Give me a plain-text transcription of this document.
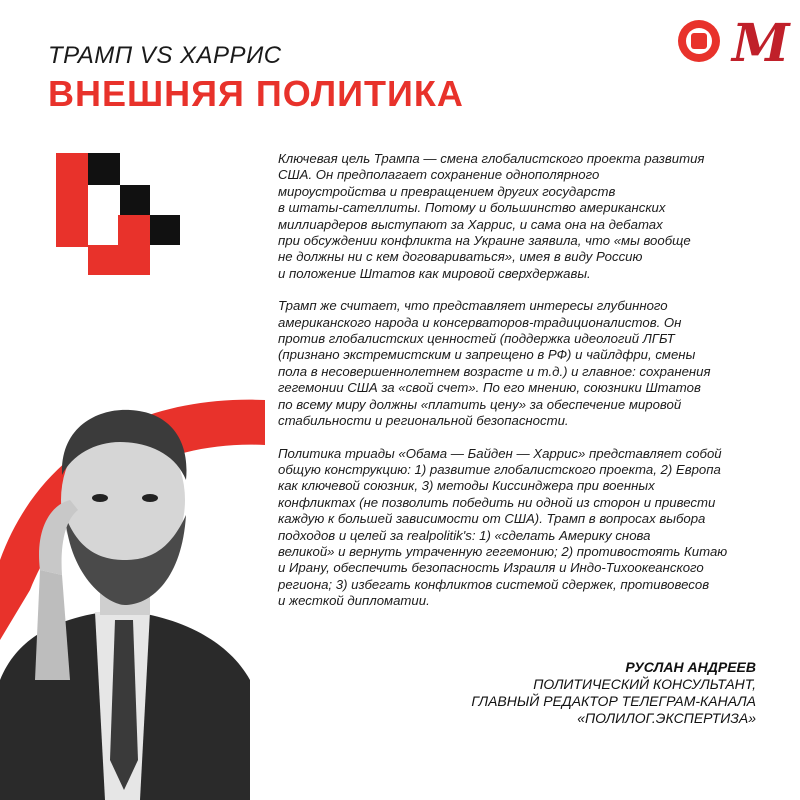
ТРАМП VS ХАРРИС
ВНЕШНЯЯ ПОЛИТИКА
М

Ключевая цель Трампа — смена глобалистского проекта развития
США. Он предполагает сохранение однополярного
мироустройства и превращением других государств
в штаты-сателлиты. Потому и большинство американских
миллиардеров выступают за Харрис, и сама она на дебатах
при обсуждении конфликта на Украине заявила, что «мы вообще
не должны ни с кем договариваться», имея в виду Россию
и положение Штатов как мировой сверхдержавы.

Трамп же считает, что представляет интересы глубинного
американского народа и консерваторов-традиционалистов. Он
против глобалистских ценностей (поддержка идеологий ЛГБТ
(признано экстремистским и запрещено в РФ) и чайлдфри, смены
пола в несовершеннолетнем возрасте и т.д.) и главное: сохранения
гегемонии США за «свой счет». По его мнению, союзники Штатов
по всему миру должны «платить цену» за обеспечение мировой
стабильности и региональной безопасности.

Политика триады «Обама — Байден — Харрис» представляет собой
общую конструкцию: 1) развитие глобалистского проекта, 2) Европа
как ключевой союзник, 3) методы Киссинджера при военных
конфликтах (не позволить победить ни одной из сторон и привести
каждую к большей зависимости от США). Трамп в вопросах выбора
подходов и целей за realpolitik's: 1) «сделать Америку снова
великой» и вернуть утраченную гегемонию; 2) противостоять Китаю
и Ирану, обеспечить безопасность Израиля и Индо-Тихоокеанского
региона; 3) избегать конфликтов системой сдержек, противовесов
и жесткой дипломатии.

РУСЛАН АНДРЕЕВ
ПОЛИТИЧЕСКИЙ КОНСУЛЬТАНТ,
ГЛАВНЫЙ РЕДАКТОР ТЕЛЕГРАМ-КАНАЛА
«ПОЛИЛОГ.ЭКСПЕРТИЗА»
